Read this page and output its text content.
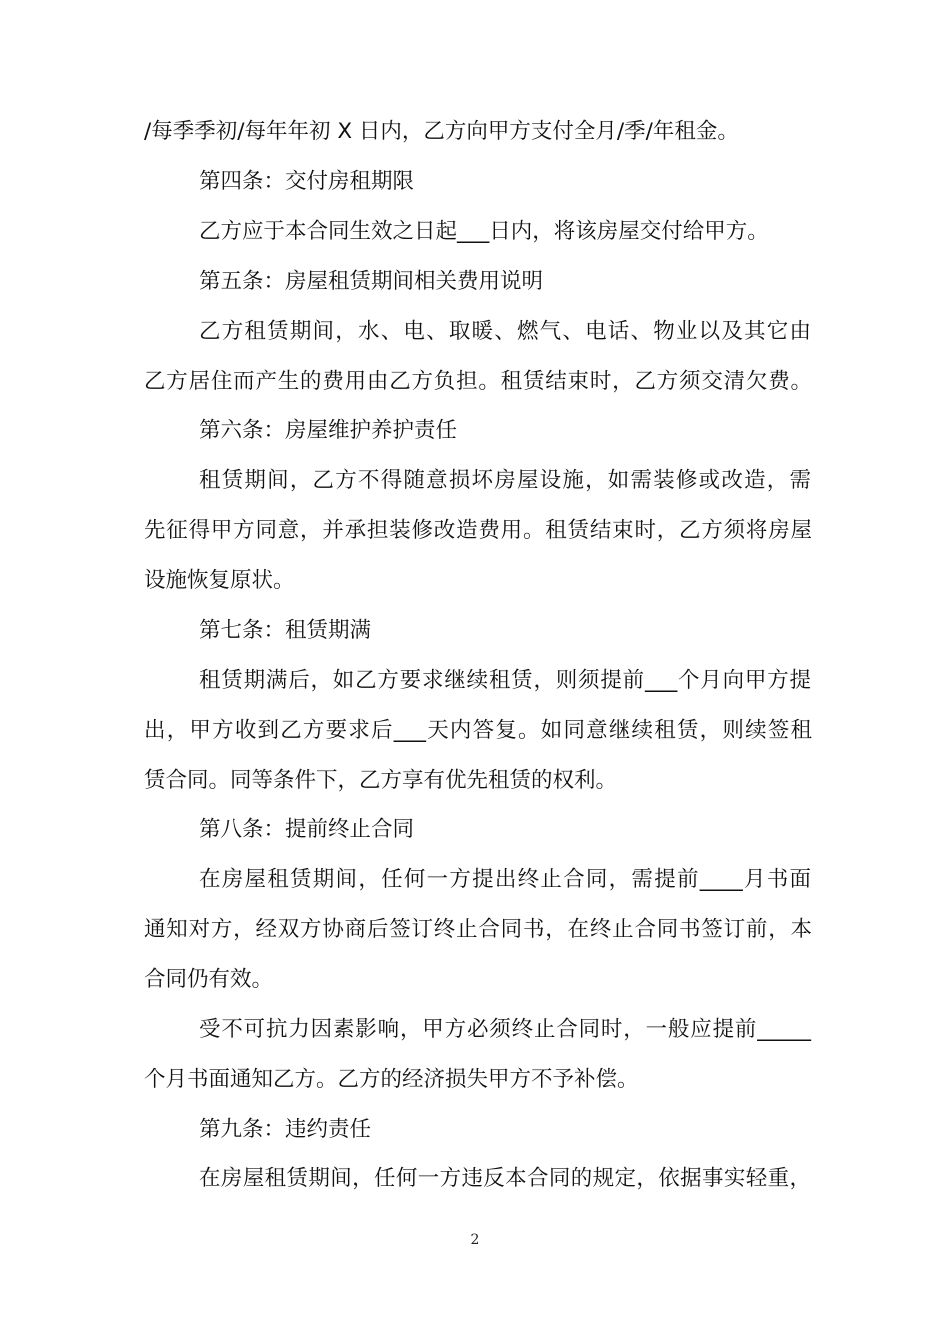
/每季季初/每年年初 X 日内，乙方向甲方支付全月/季/年租金。
第四条：交付房租期限
乙方应于本合同生效之日起___日内，将该房屋交付给甲方。
第五条：房屋租赁期间相关费用说明
乙方租赁期间，水、电、取暖、燃气、电话、物业以及其它由
乙方居住而产生的费用由乙方负担。租赁结束时，乙方须交清欠费。
第六条：房屋维护养护责任
租赁期间，乙方不得随意损坏房屋设施，如需装修或改造，需
先征得甲方同意，并承担装修改造费用。租赁结束时，乙方须将房屋
设施恢复原状。
第七条：租赁期满
租赁期满后，如乙方要求继续租赁，则须提前___个月向甲方提
出，甲方收到乙方要求后___天内答复。如同意继续租赁，则续签租
赁合同。同等条件下，乙方享有优先租赁的权利。
第八条：提前终止合同
在房屋租赁期间，任何一方提出终止合同，需提前____月书面
通知对方，经双方协商后签订终止合同书，在终止合同书签订前，本
合同仍有效。
受不可抗力因素影响，甲方必须终止合同时，一般应提前_____
个月书面通知乙方。乙方的经济损失甲方不予补偿。
第九条：违约责任
在房屋租赁期间，任何一方违反本合同的规定，依据事实轻重，
2
